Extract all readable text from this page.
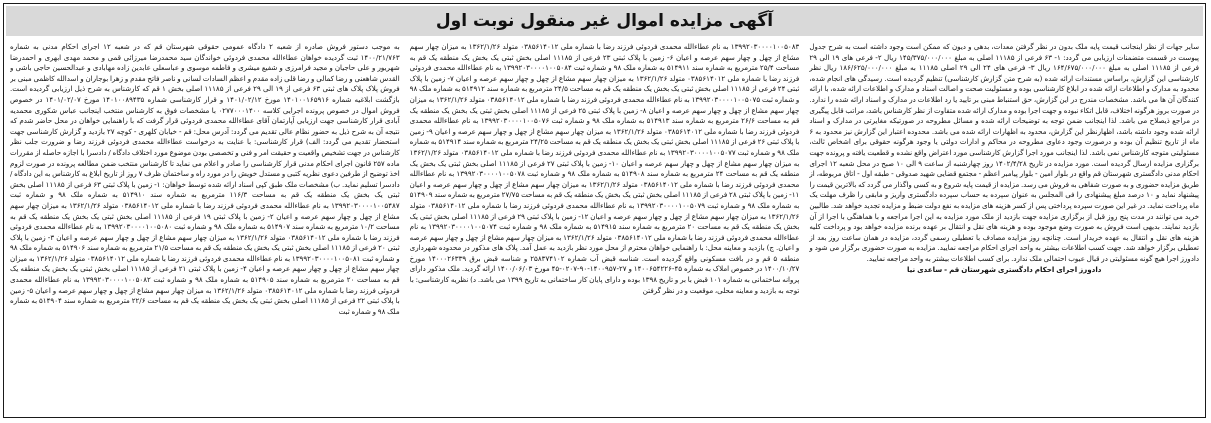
آگهی مزایده اموال غیر منقول نوبت اول

به موجب دستور فروش صادره از شعبه ۲ دادگاه عمومی حقوقی شهرستان قم که در شعبه ۱۲ اجرای احکام مدنی به شماره ۱۴۰۰/۲۱/۷۶۳ ثبت گردیده خواهان عطاءالله محمدی فردوئی خواندگان سید محمدرضا میرزائی قمی و محمد مهدی ابهری و احمدرضا شهریور و علی حاجیان و مجید فرامرزی و شفیع میشری و فاطمه موسوی و عباسعلی عابدین زاده مهابادی و عبدالحسین حاجی باشی و القدس شاهعنی و رضا کمالی و رضا قلی زاده مقدم و اعظم السادات لسانی و ناصر فاتح مقدم و زهرا بوجاران و اسدالله کاظمی مبنی بر فروش پلاک پلاک های ثبتی ۶۳ فرعی از ۱۹ الی ۲۹ فرعی از ۱۱۱۸۵ اصلی بخش ۱ قم که کارشناس به شرح ذیل ارزیابی گردیده است. بازگشت ابلاغیه شماره ۱۴۰۱۰۰۱۶۵۹۱۶ مورخ ۱۴۰۱/۰۲/۱۲ و قرار کارشناسی شماره ۱۴۰۱۰۰۸۹۴۳۵ مورخ ۱۴۰۱/۰۲/۰۷ در خصوص فروش اموال در خصوص پرونده اجرایی کلاسه ۰۲۷۷۰۰۰۱۴۰۰ با مشخصات فوق به کارشناس منتخب اینجانب عباس شکوری محمدیه آبادی قرار کارشناسی جهت ارزیابی آپارتمان آقای عطاءالله محمدی فردوئی قرار گرفت که با راهنمایی خواهان در محل حاضر شدم که نتیجه آن به شرح ذیل به حضور نظام عالی تقدیم می گردد: آدرس محل: قم - خیابان کلهری - کوچه ۲۷ بازدید و گزارش کارشناسی جهت استحضار تقدیم می گردد: الف) قرار کارشناسی: با عنایت به درخواست عطاءالله محمدی فردوئی فرزند رضا و ضرورت جلب نظر کارشناس در جهت تشخیص واقعیت و حقیقت امر و فنی و تخصصی بودن موضوع مورد اختلاف دادگاه / دادسرا با اجازه حاصله از مقررات ماده ۲۵۷ قانون اجرای احکام مدنی قرار کارشناسی را صادر و اعلام می نماید تا کارشناس منتخب ضمن مطالعه پرونده در صورت لزوم اخذ توضیح از طرفین دعوی نظریه کتبی و مستدل خویش را در مورد راه و ساختمان ظرف ۷ روز از تاریخ ابلاغ به کارشناس به این دادگاه / دادسرا تسلیم نماید. ب) مشخصات ملک طبق کپی اسناد ارائه شده توسط خواهان: ۱- زمین با پلاک ثبتی ۶۳ فرعی از ۱۱۱۸۵ اصلی بخش ثبتی یک بخش یک منطقه یک قم به مساحت ۱۱۶/۳ مترمربع به شماره سند ۵۱۴۹۱۰ به شماره ملک ۹۸ و شماره ثبت ۱۳۹۹۲۰۳۰۰۰۰۱۰۰۵۴۸۷ به نام عطاءالله محمدی فردوئی فرزند رضا با شماره ملی ۰۳۸۵۶۱۴۰۱۲ متولد ۱۳۶۲/۱/۲۶ به میزان چهار سهم مشاع از چهل و چهار سهم عرصه و اعیان ۲- زمین با پلاک ثبتی ۱۹ فرعی از ۱۱۱۸۵ اصلی بخش ثبتی یک بخش یک منطقه یک قم به مساحت ۱۰/۲ مترمربع به شماره سند ۵۱۴۹۰۷ به شماره ملک ۹۸ و شماره ثبت ۱۳۹۹۲۰۳۰۰۰۰۱۰۰۵۰۸۰ به نام عطاءالله محمدی فردوئی فرزند رضا با شماره ملی ۰۳۸۵۶۱۴۰۱۲ متولد ۱۳۶۲/۱/۲۶ به میزان چهار سهم مشاع از چهل و چهار سهم عرصه و اعیان ۳- زمین با پلاک ثبتی ۲۰ فرعی از ۱۱۱۸۵ اصلی بخش ثبتی یک بخش یک منطقه یک قم به مساحت ۲۱/۵ مترمربع به شماره سند ۵۱۴۹۰۶ به شماره ملک ۹۸ و شماره ثبت ۱۳۹۹۲۰۳۰۰۰۰۱۰۰۵۰۸۱ به نام عطاءالله محمدی فردوئی فرزند رضا با شماره ملی ۰۳۸۵۶۱۴۰۱۲ متولد ۱۳۶۲/۱/۲۶ به میزان چهار سهم مشاع از چهل و چهار سهم عرصه و اعیان ۴- زمین با پلاک ثبتی ۲۱ فرعی از ۱۱۱۸۵ اصلی بخش ثبتی یک بخش یک منطقه یک قم به مساحت ۲۰ مترمربع به شماره سند ۵۱۴۹۰۵ به شماره ملک ۹۸ و شماره ثبت ۱۳۹۹۲۰۳۰۰۰۰۱۰۰۵۰۸۲ به نام عطاءالله محمدی فردوئی فرزند رضا با شماره ملی ۰۳۸۵۶۱۴۰۱۲ متولد ۱۳۶۲/۱/۲۶ به میزان چهار سهم مشاع از چهل و چهار سهم عرصه و اعیان ۵- زمین با پلاک ثبتی ۲۲ فرعی از ۱۱۱۸۵ اصلی بخش ثبتی یک بخش یک منطقه یک قم به مساحت ۲۲/۶ مترمربع به شماره سند ۵۱۴۹۰۴ به شماره ملک ۹۸ و شماره ثبت

۱۳۹۹۲۰۳۰۰۰۰۱۰۰۵۰۸۳ به نام عطاءالله محمدی فردوئی فرزند رضا با شماره ملی ۰۳۸۵۶۱۴۰۱۲ متولد ۱۳۶۲/۱/۲۶ به میزان چهار سهم مشاع از چهل و چهار سهم عرصه و اعیان ۶- زمین با پلاک ثبتی ۲۳ فرعی از ۱۱۱۸۵ اصلی بخش ثبتی یک بخش یک منطقه یک قم به مساحت ۲۵/۴ مترمربع به شماره سند ۵۱۴۹۱۱ به شماره ملک ۹۸ و شماره ثبت ۱۳۹۹۲۰۳۰۰۰۰۱۰۰۵۰۸۴ به نام عطاءالله محمدی فردوئی فرزند رضا با شماره ملی ۰۳۸۵۶۱۴۰۱۲ متولد ۱۳۶۲/۱/۲۶ به میزان چهار سهم مشاع از چهل و چهار سهم عرصه و اعیان ۷- زمین با پلاک ثبتی ۲۴ فرعی از ۱۱۱۸۵ اصلی بخش ثبتی یک بخش یک منطقه یک قم به مساحت ۲۴/۵ مترمربع به شماره سند ۵۱۴۹۱۲ به شماره ملک ۹۸ و شماره ثبت ۱۳۹۹۲۰۳۰۰۰۰۱۰۰۵۰۷۵ به نام عطاءالله محمدی فردوئی فرزند رضا با شماره ملی ۰۳۸۵۶۱۴۰۱۲ متولد ۱۳۶۲/۱/۲۶ به میزان چهار سهم مشاع از چهل و چهار سهم عرصه و اعیان ۸- زمین با پلاک ثبتی ۲۵ فرعی از ۱۱۱۸۵ اصلی بخش ثبتی یک بخش یک منطقه یک قم به مساحت ۲۶/۶ مترمربع به شماره سند ۵۱۴۹۱۳ به شماره ملک ۹۸ و شماره ثبت ۱۳۹۹۲۰۳۰۰۰۰۱۰۰۵۰۷۶ به نام عطاءالله محمدی فردوئی فرزند رضا با شماره ملی ۰۳۸۵۶۱۴۰۱۲ متولد ۱۳۶۲/۱/۲۶ به میزان چهار سهم مشاع از چهل و چهار سهم عرصه و اعیان ۹- زمین با پلاک ثبتی ۲۶ فرعی از ۱۱۱۸۵ اصلی بخش ثبتی یک بخش یک منطقه یک قم به مساحت ۲۴/۲۵ مترمربع به شماره سند ۵۱۴۹۱۴ به شماره ملک ۹۸ و شماره ثبت ۱۳۹۹۲۰۳۰۰۰۰۱۰۰۵۰۷۷ به نام عطاءالله محمدی فردوئی فرزند رضا با شماره ملی ۰۳۸۵۶۱۴۰۱۲ متولد ۱۳۶۲/۱/۲۶ به میزان چهار سهم مشاع از چهل و چهار سهم عرصه و اعیان ۱۰- زمین با پلاک ثبتی ۲۷ فرعی از ۱۱۱۸۵ اصلی بخش ثبتی یک بخش یک منطقه یک قم به مساحت ۲۴ مترمربع به شماره سند ۵۱۴۹۰۸ به شماره ملک ۹۸ و شماره ثبت ۱۳۹۹۲۰۳۰۰۰۰۱۰۰۵۰۷۸ به نام عطاءالله محمدی فردوئی فرزند رضا با شماره ملی ۰۳۸۵۶۱۴۰۱۲ متولد ۱۳۶۲/۱/۲۶ به میزان چهار سهم مشاع از چهل و چهار سهم عرصه و اعیان ۱۱- زمین با پلاک ثبتی ۲۸ فرعی از ۱۱۱۸۵ اصلی بخش ثبتی یک بخش یک منطقه یک قم به مساحت ۲۷/۷۵ مترمربع به شماره سند ۵۱۴۹۰۹ به شماره ملک ۹۸ و شماره ثبت ۱۳۹۹۲۰۳۰۰۰۰۱۰۰۵۰۷۹ به نام عطاءالله محمدی فردوئی فرزند رضا با شماره ملی ۰۳۸۵۶۱۴۰۱۲ متولد ۱۳۶۲/۱/۲۶ به میزان چهار سهم مشاع از چهل و چهار سهم عرصه و اعیان ۱۲- زمین با پلاک ثبتی ۲۹ فرعی از ۱۱۱۸۵ اصلی بخش ثبتی یک بخش یک منطقه یک قم به مساحت ۲۰ مترمربع به شماره سند ۵۱۴۹۱۵ به شماره ملک ۹۸ و شماره ثبت ۱۳۹۹۲۰۳۰۰۰۰۱۰۰۵۰۷۴ به نام عطاءالله محمدی فردوئی فرزند رضا با شماره ملی ۰۳۸۵۶۱۴۰۱۲ متولد ۱۳۶۲/۱/۲۶ به میزان چهار سهم مشاع از چهل و چهار سهم عرصه و اعیان. ج) بازدید و معاینه محل: با راهنمایی خواهان محترم از محل مورد نظر بازدید به عمل آمد. پلاک های مذکور در محدوده شهرداری منطقه ۵ قم و در بافت مسکونی واقع گردیده است. شناسه قبض آب شماره ۲۵۸۳۷۴۱۰۲ و شناسه قبض برق ۱۴۰۰۰۲۶۳۳۹ مورخ ۱۴۰۰/۱۰/۲۷ در خصوص املاک به شماره ۴۵-۱۴۰۰۶۵۴۲۲۶ و ۲۷-۱۴۰۰۹۵۷-۹۰-۰۲۰۷-۴۵ مورخ ۱۴۰۰/۰۶/۰۳ ارائه گردید. ملک مذکور دارای پروانه ساختمانی به شماره ۱۰۱ قبض با بر و تاریخ ۱۳۹۸ بوده و دارای پایان کار ساختمانی به تاریخ ۱۳۹۹ می باشد. د) نظریه کارشناسی: با توجه به بازدید و معاینه محلی، موقعیت و در نظر گرفتن

سایر جهات از نظر اینجانب قیمت پایه ملک بدون در نظر گرفتن معدات، بدهی و دیون که ممکن است وجود داشته است به شرح جدول پیوست در قسمت متضمنات ارزیابی می گردد: ۱- ۶۳ فرعی از ۱۱۱۸۵ اصلی به مبلغ ۱۴۵/۳۷۵/۰۰۰/۰۰۰ ریال ۲- فرعی های ۱۹ الی ۲۹ فرعی از ۱۱۱۸۵ اصلی به مبلغ ۱۶۴/۶۷۵/۰۰۰/۰۰۰ ریال ۳- فرعی های ۲۴ الی ۲۹ اصلی ۱۱۱۸۵ به مبلغ ۱۸۶/۶۲۵/۰۰۰/۰۰۰ ریال نظر کارشناسی این گزارش، براساس مستندات ارائه شده (به شرح متن گزارش کارشناسی) تنظیم گردیده است. رسیدگی های انجام شده، محدود به مدارک و اطلاعات ارائه شده در ابلاغ کارشناسی بوده و مسئولیت صحت و اصالت اسناد و مدارک و اطلاعات ارائه شده، با ارائه کنندگان آن ها می باشد. مشخصات مندرج در این گزارش، حق استنباط مبنی بر تایید یا رد اطلاعات در مدارک و اسناد ارائه شده را ندارد. در صورت بروز هرگونه اختلاف، قابل اتکاء نبوده و جهت اجرا بوده و مدارک ارائه شده متفاوت از نظر کارشناس باشد، مراتب قابل پیگیری در مراجع ذیصلاح می باشد. لذا اینجانب ضمن توجه به توضیحات ارائه شده و مسائل مطروحه در صورتیکه مغایرتی در مدارک و اسناد ارائه شده وجود داشته باشد، اظهارنظر این گزارش، محدود به اظهارات ارائه شده می باشد. محدوده اعتبار این گزارش نیز محدود به ۶ ماه از تاریخ تنظیم آن بوده و درصورت وجود دعاوی مطروحه در محاکم و ادارات دولتی یا وجود هرگونه حقوقی برای اشخاص ثالث، مسئولیتی متوجه کارشناس نمی باشد. لذا اینجانب مورد اجرا گزارش کارشناسی مورد اعتراض واقع نشده و قطعیت یافته و پرونده جهت برگزاری مزایده ارسال گردیده است. مورد مزایده در تاریخ ۱۴۰۲/۴/۲۸ روز چهارشنبه از ساعت ۹ الی ۱۰ صبح در محل شعبه ۱۲ اجرای احکام مدنی دادگستری شهرستان قم واقع در بلوار امین - بلوار پیامبر اعظم - مجتمع قضایی شهید صدوقی - طبقه اول - اتاق مربوطه، از طریق مزایده حضوری و به صورت شفاهی به فروش می رسد. مزایده از قیمت پایه شروع و به کسی واگذار می گردد که بالاترین قیمت را پیشنهاد نماید و ۱۰ درصد مبلغ پیشنهادی را فی المجلس به عنوان سپرده به حساب سپرده دادگستری واریز و مابقی را ظرف مهلت یک ماه پرداخت نماید. در غیر این صورت سپرده پرداختی پس از کسر هزینه های مزایده به نفع دولت ضبط و مزایده تجدید خواهد شد. طالبین خرید می توانند در مدت پنج روز قبل از برگزاری مزایده جهت بازدید از ملک مورد مزایده به این اجرا مراجعه و با هماهنگی با اجرا از آن بازدید نمایند. بدیهی است فروش به صورت وضع موجود بوده و هزینه های نقل و انتقال بر عهده برنده مزایده خواهد بود و پرداخت کلیه هزینه های نقل و انتقال به عهده خریدار است. چنانچه روز مزایده مصادف با تعطیلی رسمی گردد، مزایده در همان ساعت روز بعد از تعطیلی برگزار خواهد شد. جهت کسب اطلاعات بیشتر به واحد اجرای احکام مراجعه نمایید. مزایده به صورت حضوری برگزار می شود و دادورز اجرا هیچ گونه مسئولیتی در قبال عیوب احتمالی ملک ندارد. برای کسب اطلاعات بیشتر به واحد مراجعه نمایید.

دادورز اجرای احکام دادگستری شهرستان قم - ساعدی نیا
